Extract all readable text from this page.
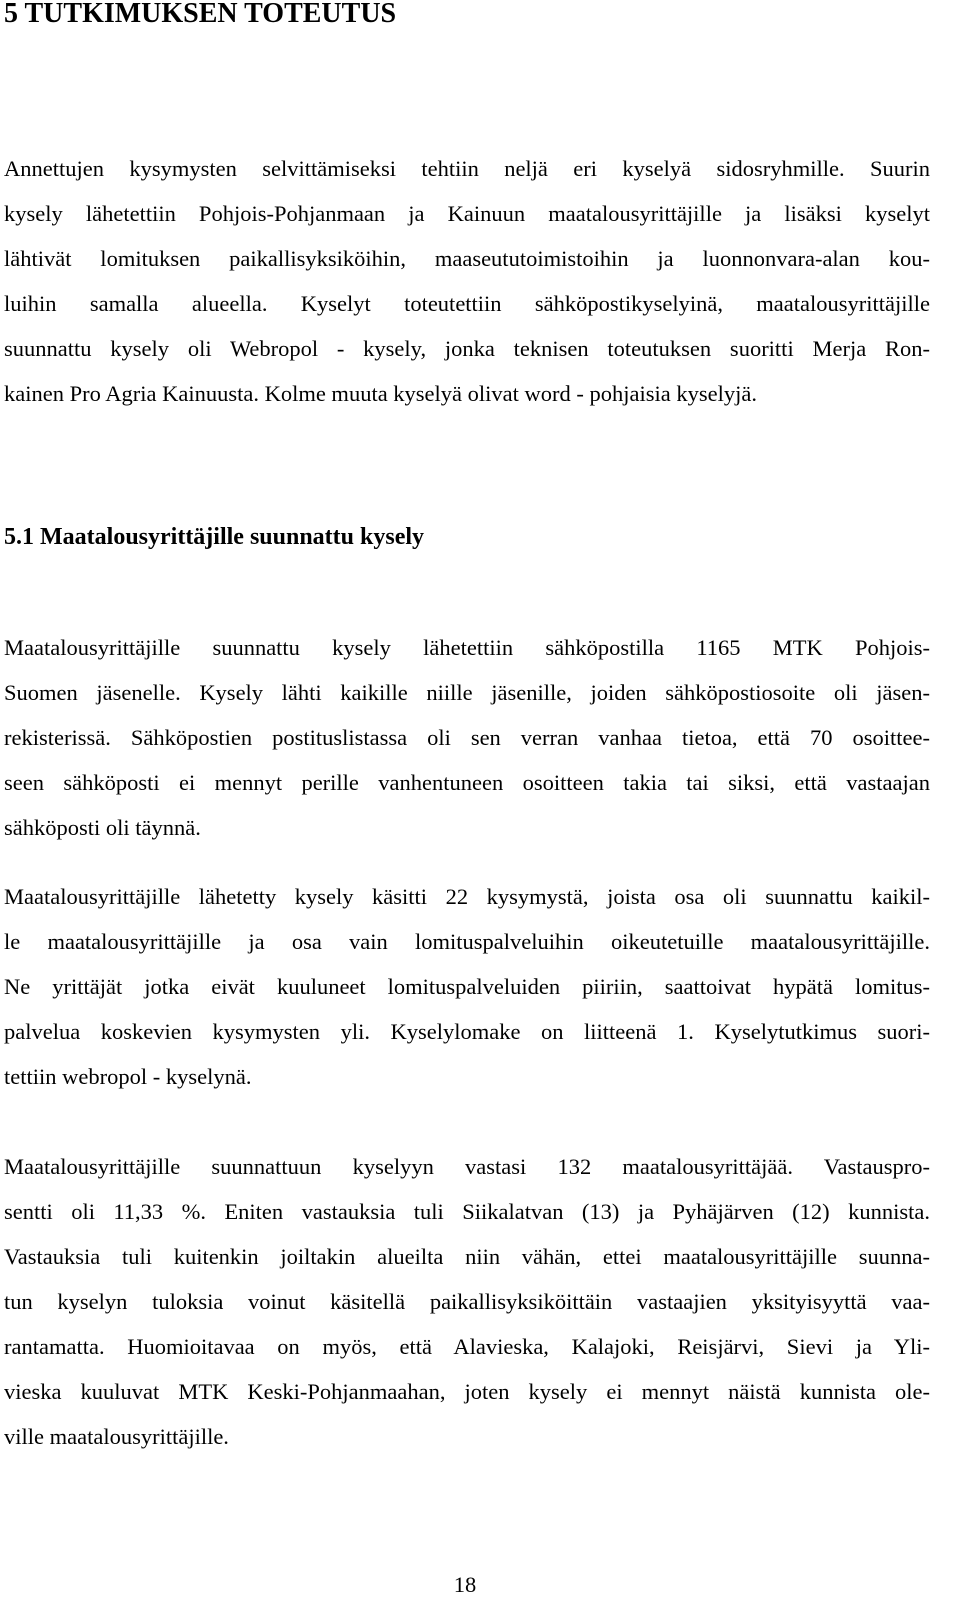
5 TUTKIMUKSEN TOTEUTUS

Annettujen kysymysten selvittämiseksi tehtiin neljä eri kyselyä sidosryhmille. Suurin

kysely lähetettiin Pohjois-Pohjanmaan ja Kainuun maatalousyrittäjille ja lisäksi kyselyt

lähtivät lomituksen paikallisyksiköihin, maaseututoimistoihin ja luonnonvara-alan kou-

luihin samalla alueella. Kyselyt toteutettiin sähköpostikyselyinä, maatalousyrittäjille

suunnattu kysely oli Webropol - kysely, jonka teknisen toteutuksen suoritti Merja Ron-

kainen Pro Agria Kainuusta. Kolme muuta kyselyä olivat word - pohjaisia kyselyjä.

5.1 Maatalousyrittäjille suunnattu kysely

Maatalousyrittäjille suunnattu kysely lähetettiin sähköpostilla 1165 MTK Pohjois-

Suomen jäsenelle. Kysely lähti kaikille niille jäsenille, joiden sähköpostiosoite oli jäsen-

rekisterissä. Sähköpostien postituslistassa oli sen verran vanhaa tietoa, että 70 osoittee-

seen sähköposti ei mennyt perille vanhentuneen osoitteen takia tai siksi, että vastaajan

sähköposti oli täynnä.

Maatalousyrittäjille lähetetty kysely käsitti 22 kysymystä, joista osa oli suunnattu kaikil-

le maatalousyrittäjille ja osa vain lomituspalveluihin oikeutetuille maatalousyrittäjille.

Ne yrittäjät jotka eivät kuuluneet lomituspalveluiden piiriin, saattoivat hypätä lomitus-

palvelua koskevien kysymysten yli. Kyselylomake on liitteenä 1. Kyselytutkimus suori-

tettiin webropol - kyselynä.

Maatalousyrittäjille suunnattuun kyselyyn vastasi 132 maatalousyrittäjää. Vastauspro-

sentti oli 11,33 %. Eniten vastauksia tuli Siikalatvan (13) ja Pyhäjärven (12) kunnista.

Vastauksia tuli kuitenkin joiltakin alueilta niin vähän, ettei maatalousyrittäjille suunna-

tun kyselyn tuloksia voinut käsitellä paikallisyksiköittäin vastaajien yksityisyyttä vaa-

rantamatta. Huomioitavaa on myös, että Alavieska, Kalajoki, Reisjärvi, Sievi ja Yli-

vieska kuuluvat MTK Keski-Pohjanmaahan, joten kysely ei mennyt näistä kunnista ole-

ville maatalousyrittäjille.

18
